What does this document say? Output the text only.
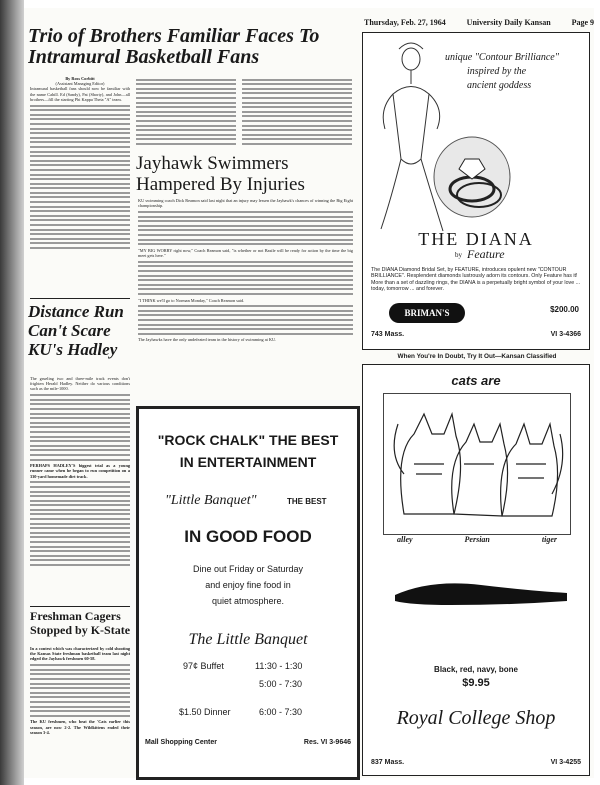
Thursday, Feb. 27, 1964	University Daily Kansan	Page 9
Trio of Brothers Familiar Faces To Intramural Basketball Fans
By Ross Corbitt
(Assistant Managing Editor)
Intramural basketball fans should now be familiar with the name Cahill. Ed (Sandy), Pat (Shorty), and John—all brothers—fill the starting Phi Kappa Theta "A" team.
Jayhawk Swimmers Hampered By Injuries
KU swimming coach Dick Reamon said last night that an injury may lessen the Jayhawk's chances of winning the Big Eight championship.
"MY BIG WORRY right now," Coach Reamon said, "is whether or not Basile will be ready for action by the time the big meet gets here."
"I THINK we'll go to Norman Monday," Coach Reamon said.
The Jayhawks have the only undefeated team in the history of swimming at KU.
Distance Run Can't Scare KU's Hadley
The grueling two and three-mile track events don't frighten Herald Hadley. Neither do various conditions such as the mile-1000.
PERHAPS HADLEY'S biggest trial as a young runner came when he began to run competition on a 330-yard homemade dirt track.
Freshman Cagers Stopped by K-State
In a contest which was characterized by cold shooting the Kansas State freshman basketball team last night edged the Jayhawk freshmen 60-58.
The KU freshmen, who beat the 'Cats earlier this season, are now 2-2. The Wildkittens ended their season 3-4.
unique "Contour Brilliance"
inspired by the
ancient goddess
THE DIANA
by Feature
The DIANA Diamond Bridal Set, by FEATURE, introduces opulent new "CONTOUR BRILLIANCE". Resplendent diamonds lustrously adorn its contours. Only Feature has it! More than a set of dazzling rings, the DIANA is a perpetually bright symbol of your love ... today, tomorrow ... and forever.
BRIMAN'S	$200.00
743 Mass.	VI 3-4366
When You're In Doubt, Try It Out—Kansan Classified
cats are
alley	Persian	tiger
Black, red, navy, bone
$9.95
Royal College Shop
837 Mass.	VI 3-4255
"ROCK CHALK" THE BEST
IN ENTERTAINMENT
"Little Banquet"	THE BEST
IN GOOD FOOD
Dine out Friday or Saturday
and enjoy fine food in
quiet atmosphere.
The Little Banquet
97¢ Buffet	11:30 - 1:30
5:00 - 7:30
$1.50 Dinner	6:00 - 7:30
Mall Shopping Center	Res. VI 3-9646
